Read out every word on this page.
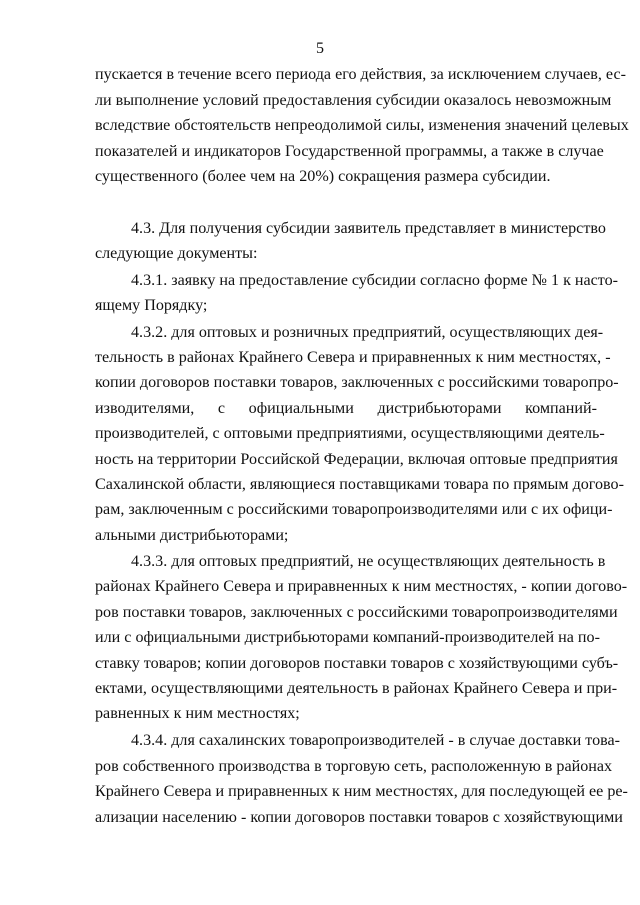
5
пускается в течение всего периода его действия, за исключением случаев, ес-
ли выполнение условий предоставления субсидии оказалось невозможным
вследствие обстоятельств непреодолимой силы, изменения значений целевых
показателей и индикаторов Государственной программы, а также в случае
существенного (более чем на 20%) сокращения размера субсидии.
4.3. Для получения субсидии заявитель представляет в министерство
следующие документы:
4.3.1. заявку на предоставление субсидии согласно форме № 1 к насто-
ящему Порядку;
4.3.2. для оптовых и розничных предприятий, осуществляющих дея-
тельность в районах Крайнего Севера и приравненных к ним местностях, -
копии договоров поставки товаров, заключенных с российскими товаропро-
изводителями, с официальными дистрибьюторами компаний-
производителей, с оптовыми предприятиями, осуществляющими деятель-
ность на территории Российской Федерации, включая оптовые предприятия
Сахалинской области, являющиеся поставщиками товара по прямым догово-
рам, заключенным с российскими товаропроизводителями или с их офици-
альными дистрибьюторами;
4.3.3. для оптовых предприятий, не осуществляющих деятельность в
районах Крайнего Севера и приравненных к ним местностях, - копии догово-
ров поставки товаров, заключенных с российскими товаропроизводителями
или с официальными дистрибьюторами компаний-производителей на по-
ставку товаров; копии договоров поставки товаров с хозяйствующими субъ-
ектами, осуществляющими деятельность в районах Крайнего Севера и при-
равненных к ним местностях;
4.3.4. для сахалинских товаропроизводителей - в случае доставки това-
ров собственного производства в торговую сеть, расположенную в районах
Крайнего Севера и приравненных к ним местностях, для последующей ее ре-
ализации населению - копии договоров поставки товаров с хозяйствующими
